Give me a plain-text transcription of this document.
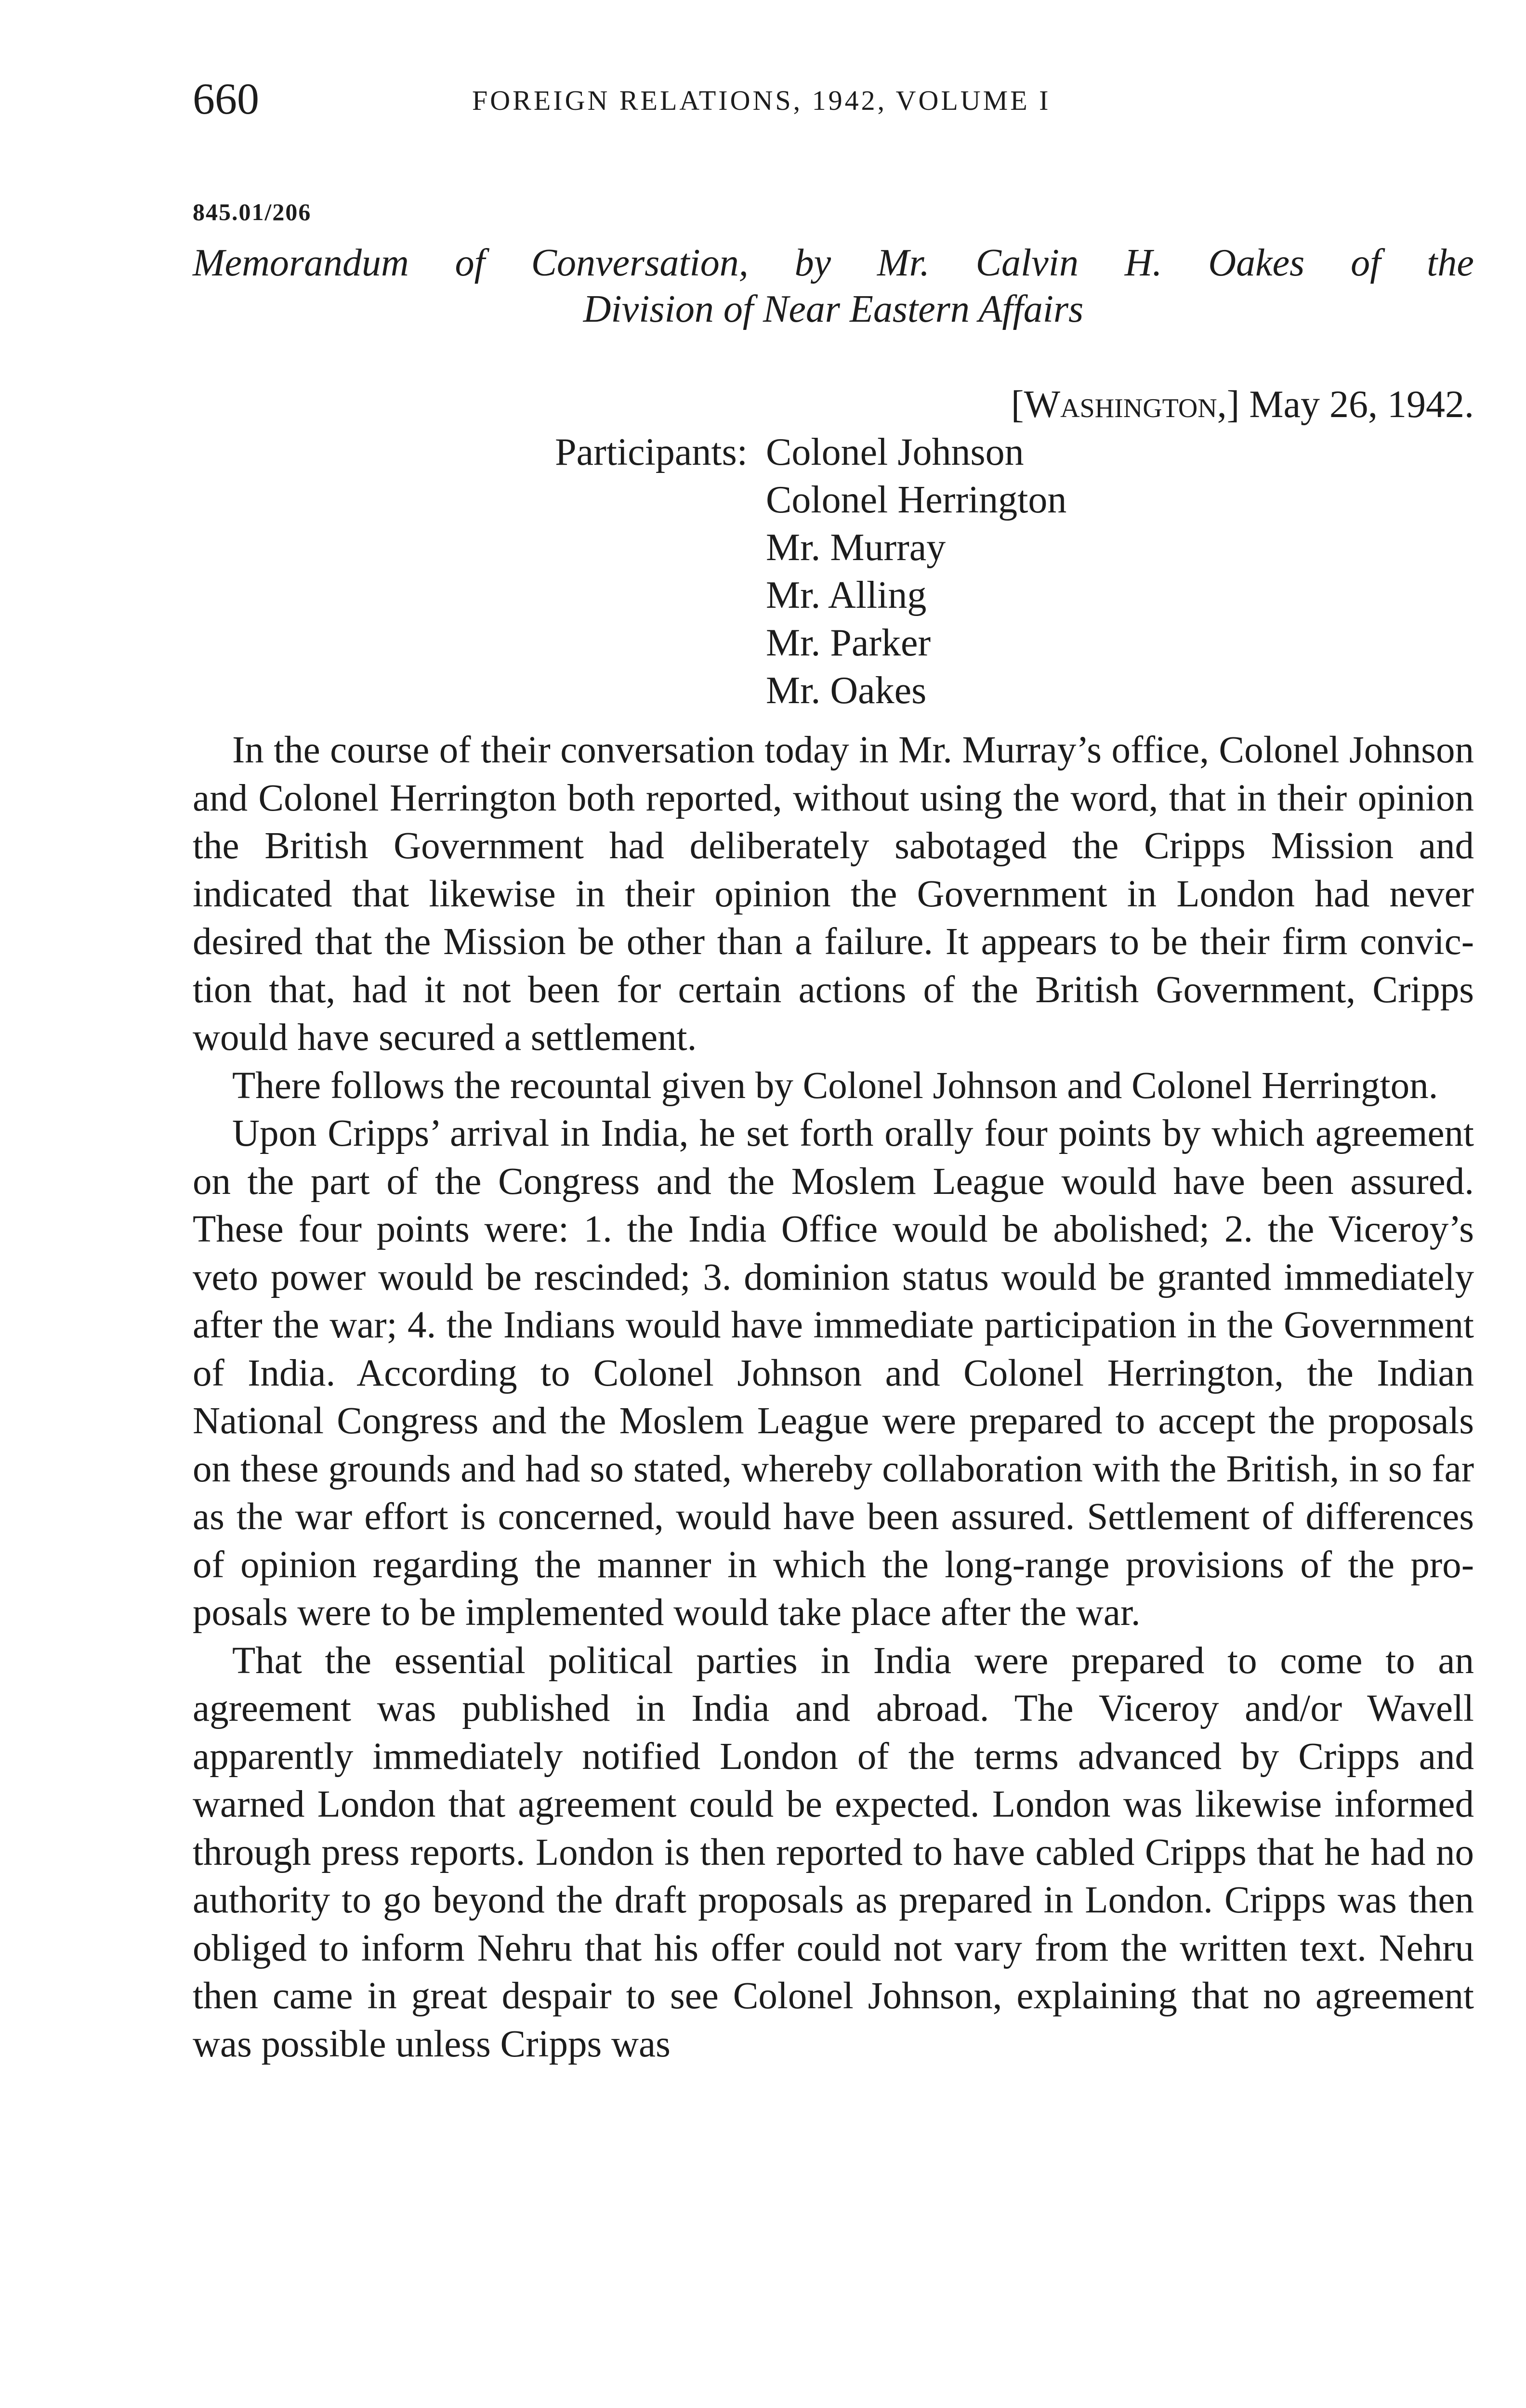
660	FOREIGN RELATIONS, 1942, VOLUME I
845.01/206
Memorandum of Conversation, by Mr. Calvin H. Oakes of the
Division of Near Eastern Affairs
[Washington,] May 26, 1942.
Participants: Colonel Johnson
Colonel Herrington
Mr. Murray
Mr. Alling
Mr. Parker
Mr. Oakes

In the course of their conversation today in Mr. Murray’s office, Colonel Johnson and Colonel Herrington both reported, without using the word, that in their opinion the British Government had deliberately sabotaged the Cripps Mission and indicated that likewise in their opinion the Government in London had never desired that the Mission be other than a failure. It appears to be their firm conviction that, had it not been for certain actions of the British Government, Cripps would have secured a settlement.

There follows the recountal given by Colonel Johnson and Colonel Herrington.

Upon Cripps’ arrival in India, he set forth orally four points by which agreement on the part of the Congress and the Moslem League would have been assured. These four points were: 1. the India Office would be abolished; 2. the Viceroy’s veto power would be rescinded; 3. dominion status would be granted immediately after the war; 4. the Indians would have immediate participation in the Government of India. According to Colonel Johnson and Colonel Herrington, the Indian National Congress and the Moslem League were prepared to accept the proposals on these grounds and had so stated, whereby collaboration with the British, in so far as the war effort is concerned, would have been assured. Settlement of differences of opinion regarding the manner in which the long-range provisions of the proposals were to be implemented would take place after the war.

That the essential political parties in India were prepared to come to an agreement was published in India and abroad. The Viceroy and/or Wavell apparently immediately notified London of the terms advanced by Cripps and warned London that agreement could be expected. London was likewise informed through press reports. London is then reported to have cabled Cripps that he had no authority to go beyond the draft proposals as prepared in London. Cripps was then obliged to inform Nehru that his offer could not vary from the written text. Nehru then came in great despair to see Colonel Johnson, explaining that no agreement was possible unless Cripps was
